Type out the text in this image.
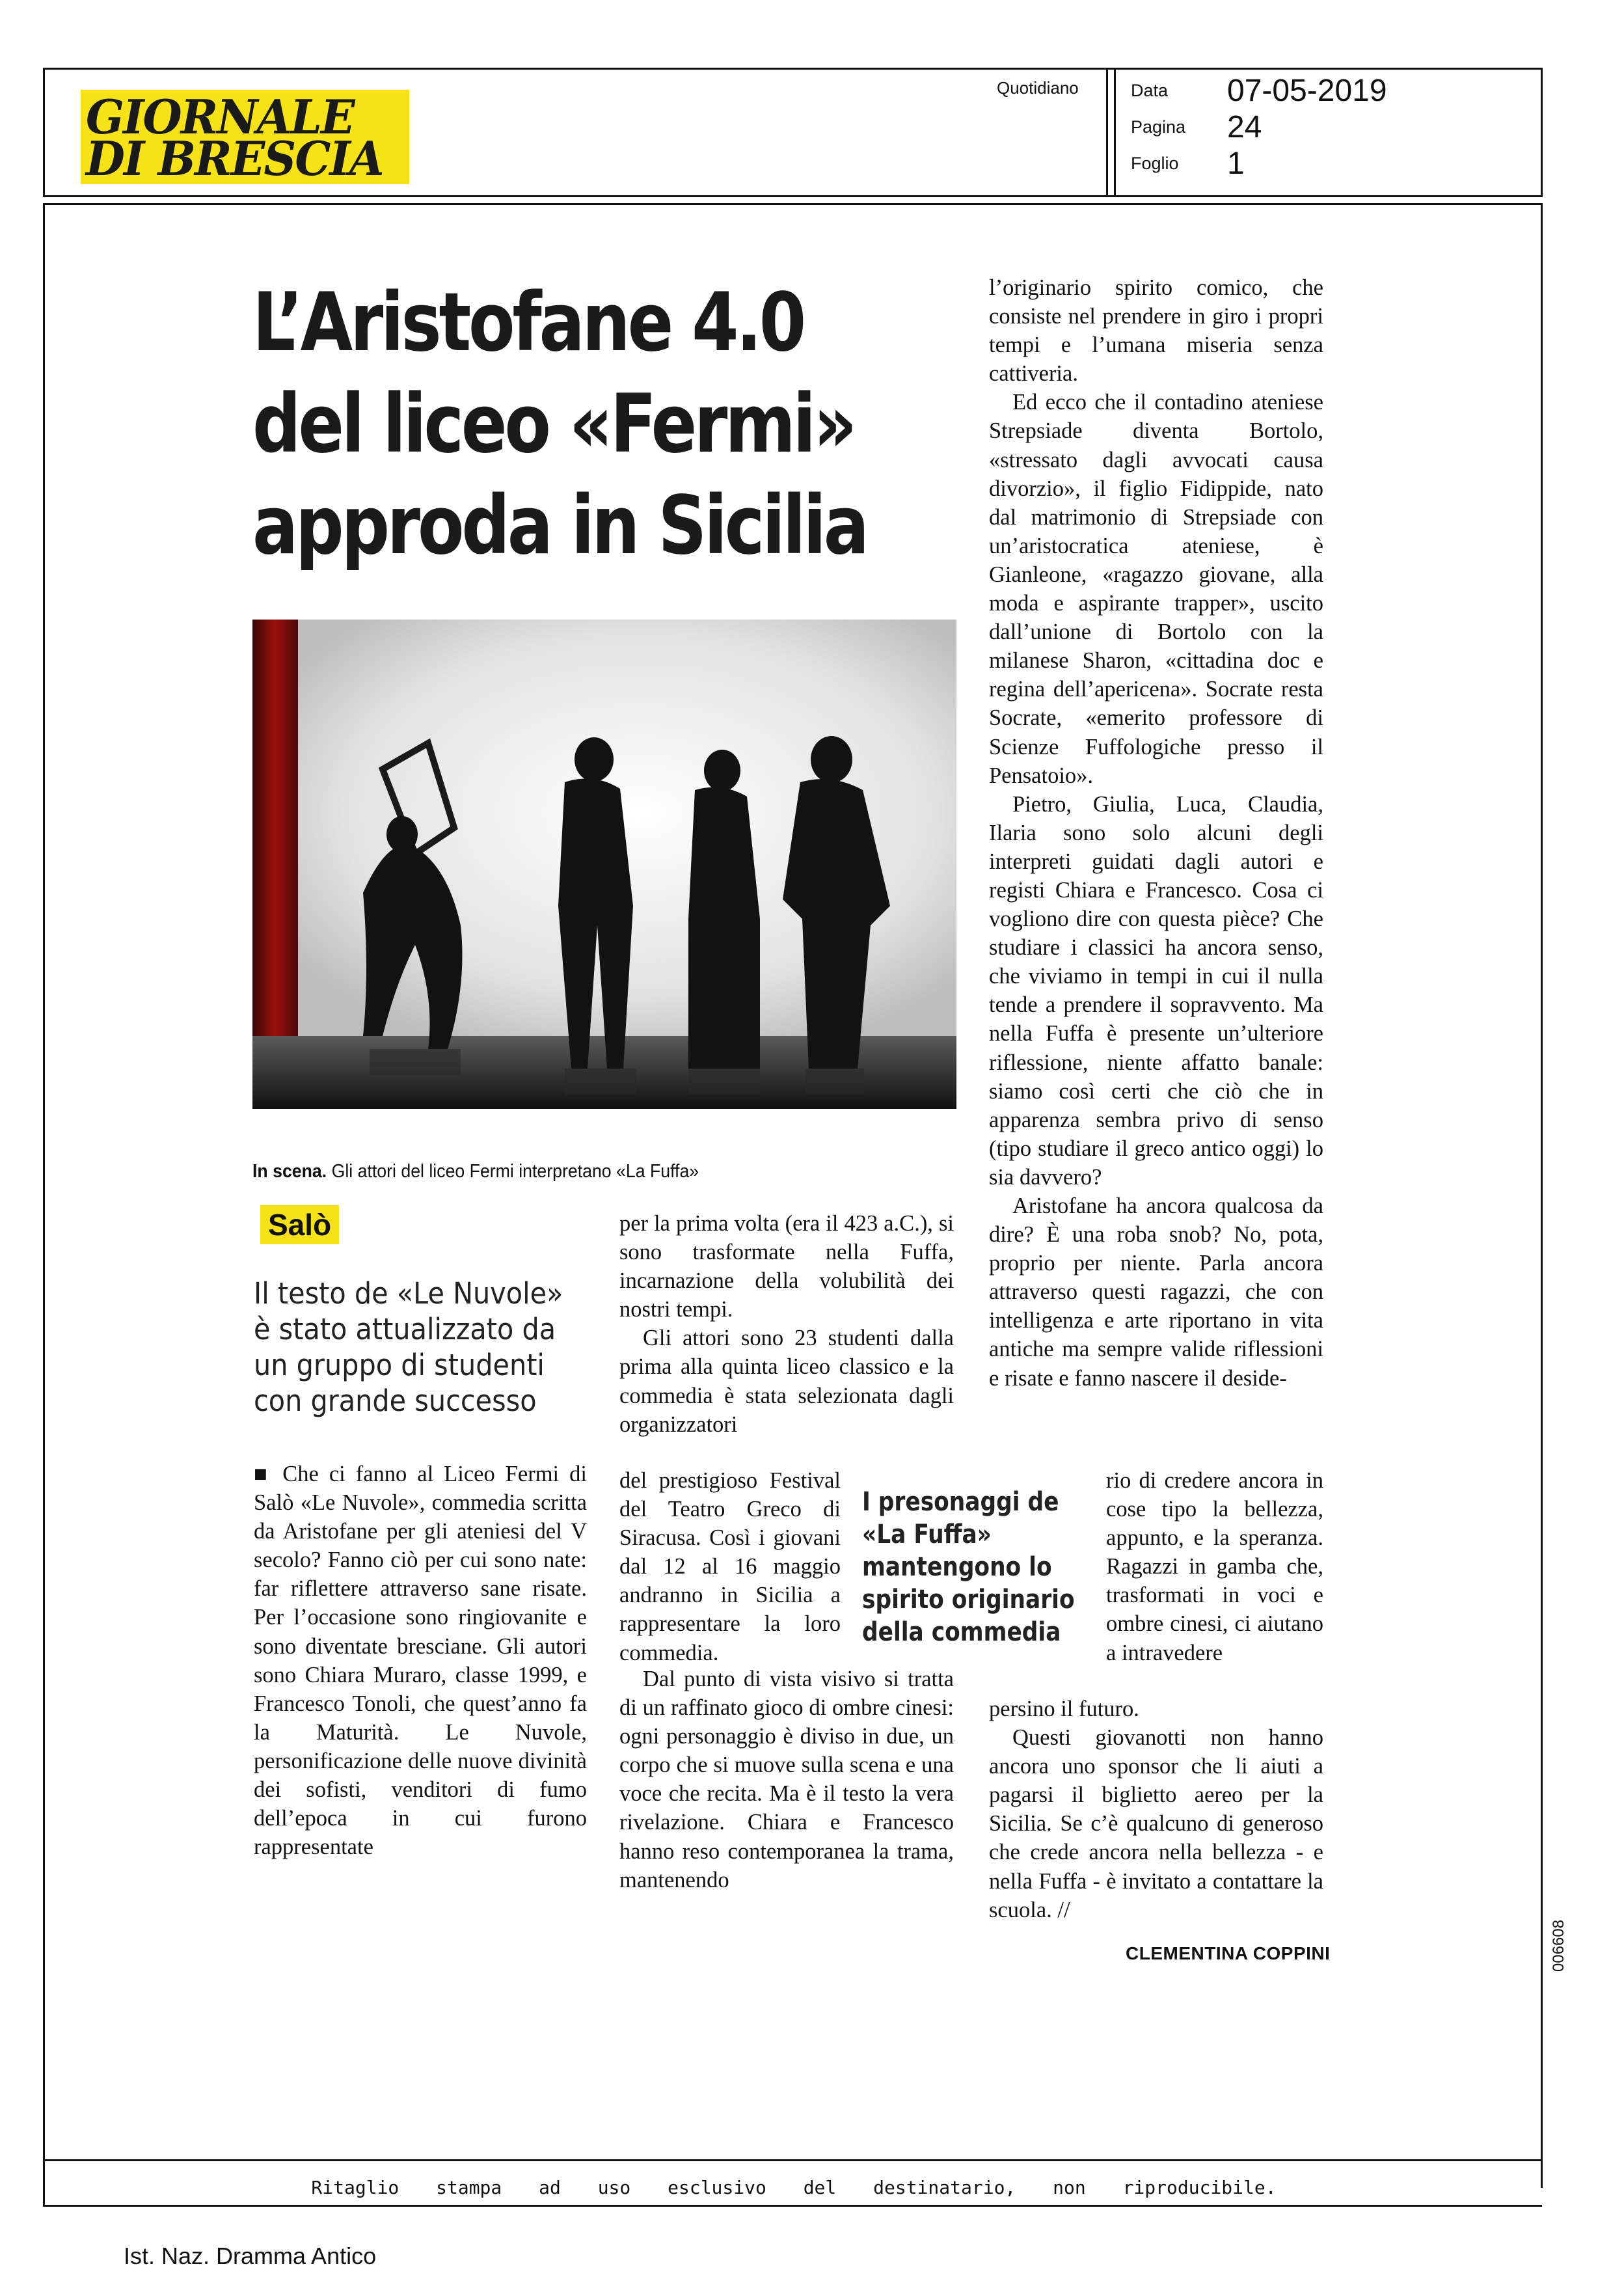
GIORNALE
DI BRESCIA
Quotidiano	Data 07-05-2019
Pagina 24
Foglio 1
L’Aristofane 4.0
del liceo «Fermi»
approda in Sicilia
In scena. Gli attori del liceo Fermi interpretano «La Fuffa»
Salò
Il testo de «Le Nuvole» è stato attualizzato da un gruppo di studenti con grande successo

■ Che ci fanno al Liceo Fermi di Salò «Le Nuvole», commedia scritta da Aristofane per gli ateniesi del V secolo? Fanno ciò per cui sono nate: far riflettere attraverso sane risate. Per l’occasione sono ringiovanite e sono diventate bresciane. Gli autori sono Chiara Muraro, classe 1999, e Francesco Tonoli, che quest’anno fa la Maturità. Le Nuvole, personificazione delle nuove divinità dei sofisti, venditori di fumo dell’epoca in cui furono rappresentate

per la prima volta (era il 423 a.C.), si sono trasformate nella Fuffa, incarnazione della volubilità dei nostri tempi.

Gli attori sono 23 studenti dalla prima alla quinta liceo classico e la commedia è stata selezionata dagli organizzatori

del prestigioso Festival del Teatro Greco di Siracusa. Così i giovani dal 12 al 16 maggio andranno in Sicilia a rappresentare la loro commedia.

Dal punto di vista visivo si tratta di un raffinato gioco di ombre cinesi: ogni personaggio è diviso in due, un corpo che si muove sulla scena e una voce che recita. Ma è il testo la vera rivelazione. Chiara e Francesco hanno reso contemporanea la trama, mantenendo

I presonaggi de «La Fuffa» mantengono lo spirito originario della commedia

l’originario spirito comico, che consiste nel prendere in giro i propri tempi e l’umana miseria senza cattiveria.

Ed ecco che il contadino ateniese Strepsiade diventa Bortolo, «stressato dagli avvocati causa divorzio», il figlio Fidippide, nato dal matrimonio di Strepsiade con un’aristocratica ateniese, è Gianleone, «ragazzo giovane, alla moda e aspirante trapper», uscito dall’unione di Bortolo con la milanese Sharon, «cittadina doc e regina dell’apericena». Socrate resta Socrate, «emerito professore di Scienze Fuffologiche presso il Pensatoio».

Pietro, Giulia, Luca, Claudia, Ilaria sono solo alcuni degli interpreti guidati dagli autori e registi Chiara e Francesco. Cosa ci vogliono dire con questa pièce? Che studiare i classici ha ancora senso, che viviamo in tempi in cui il nulla tende a prendere il sopravvento. Ma nella Fuffa è presente un’ulteriore riflessione, niente affatto banale: siamo così certi che ciò che in apparenza sembra privo di senso (tipo studiare il greco antico oggi) lo sia davvero?

Aristofane ha ancora qualcosa da dire? È una roba snob? No, pota, proprio per niente. Parla ancora attraverso questi ragazzi, che con intelligenza e arte riportano in vita antiche ma sempre valide riflessioni e risate e fanno nascere il deside-

rio di credere ancora in cose tipo la bellezza, appunto, e la speranza. Ragazzi in gamba che, trasformati in voci e ombre cinesi, ci aiutano a intravedere

persino il futuro.

Questi giovanotti non hanno ancora uno sponsor che li aiuti a pagarsi il biglietto aereo per la Sicilia. Se c’è qualcuno di generoso che crede ancora nella bellezza - e nella Fuffa - è invitato a contattare la scuola. //

CLEMENTINA COPPINI	006608
Ritaglio stampa ad uso esclusivo del destinatario, non riproducibile.
Ist. Naz. Dramma Antico
